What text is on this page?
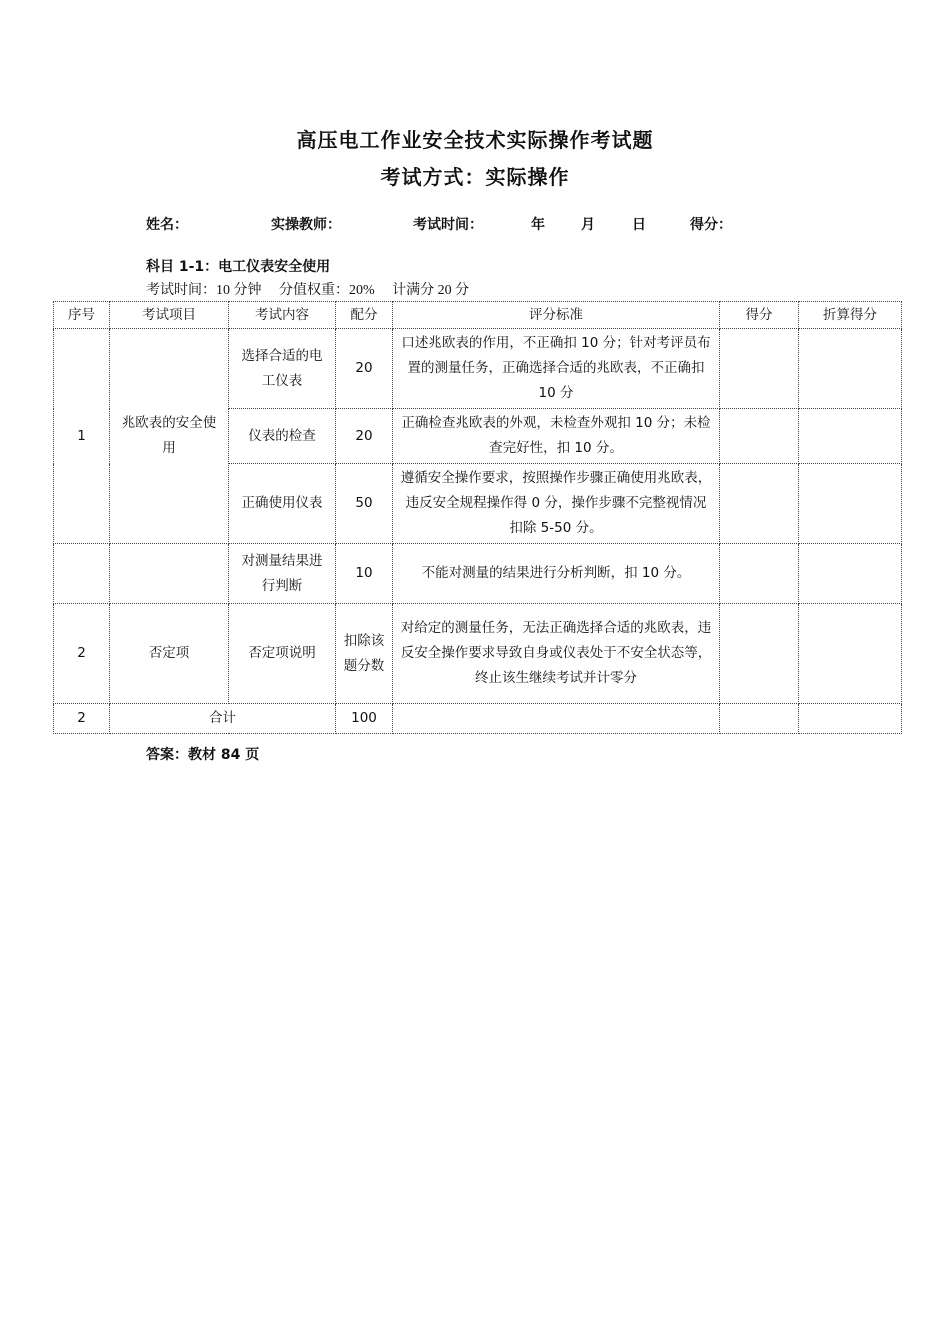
高压电工作业安全技术实际操作考试题
考试方式：实际操作
姓名：	实操教师：	考试时间：	年	月	日	得分：
科目 1-1：电工仪表安全使用
考试时间：10 分钟 分值权重：20% 计满分 20 分
序号	考试项目	考试内容	配分	评分标准	得分	折算得分
1	兆欧表的安全使用	选择合适的电工仪表	20	口述兆欧表的作用，不正确扣 10 分；针对考评员布置的测量任务，正确选择合适的兆欧表，不正确扣 10 分		
		仪表的检查	20	正确检查兆欧表的外观，未检查外观扣 10 分；未检查完好性，扣 10 分。		
		正确使用仪表	50	遵循安全操作要求，按照操作步骤正确使用兆欧表，违反安全规程操作得 0 分，操作步骤不完整视情况扣除 5-50 分。		
		对测量结果进行判断	10	不能对测量的结果进行分析判断，扣 10 分。		
2	否定项	否定项说明	扣除该题分数	对给定的测量任务，无法正确选择合适的兆欧表，违反安全操作要求导致自身或仪表处于不安全状态等，终止该生继续考试并计零分		
2	合计		100			
答案：教材 84 页
